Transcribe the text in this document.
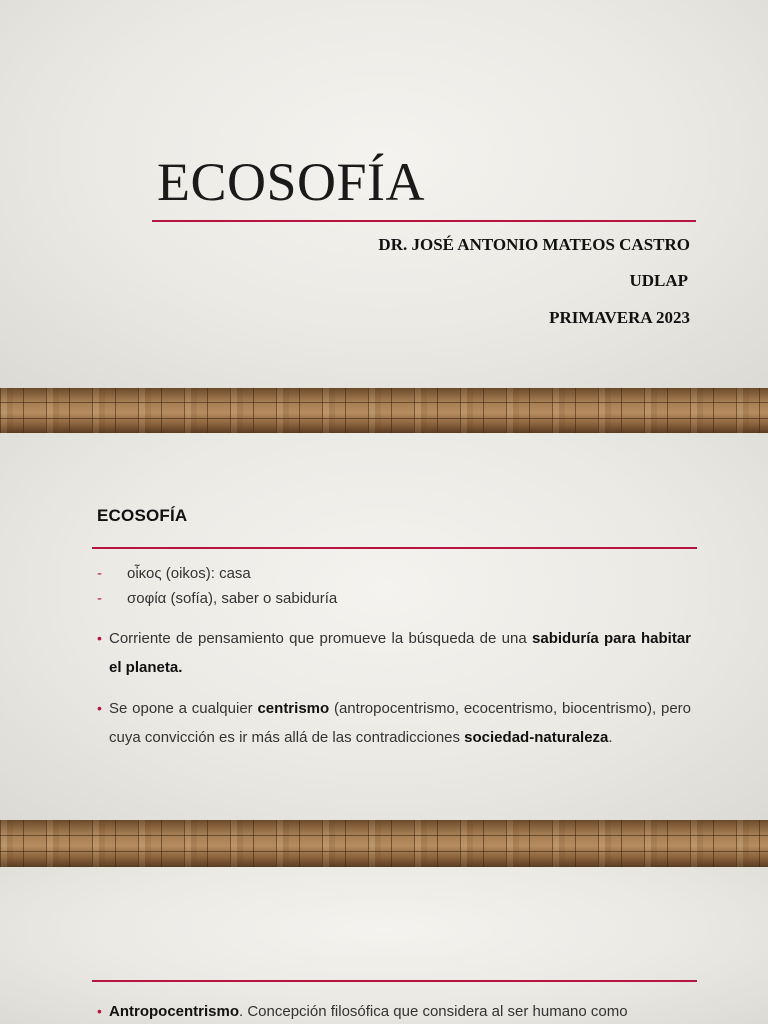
ECOSOFÍA
DR. JOSÉ ANTONIO MATEOS CASTRO
UDLAP
PRIMAVERA 2023
ECOSOFÍA
- οἶκος (oikos): casa
- σοφία (sofía), saber o sabiduría
• Corriente de pensamiento que promueve la búsqueda de una sabiduría para habitar el planeta.
• Se opone a cualquier centrismo (antropocentrismo, ecocentrismo, biocentrismo), pero cuya convicción es ir más allá de las contradicciones sociedad-naturaleza.
• Antropocentrismo. Concepción filosófica que considera al ser humano como
